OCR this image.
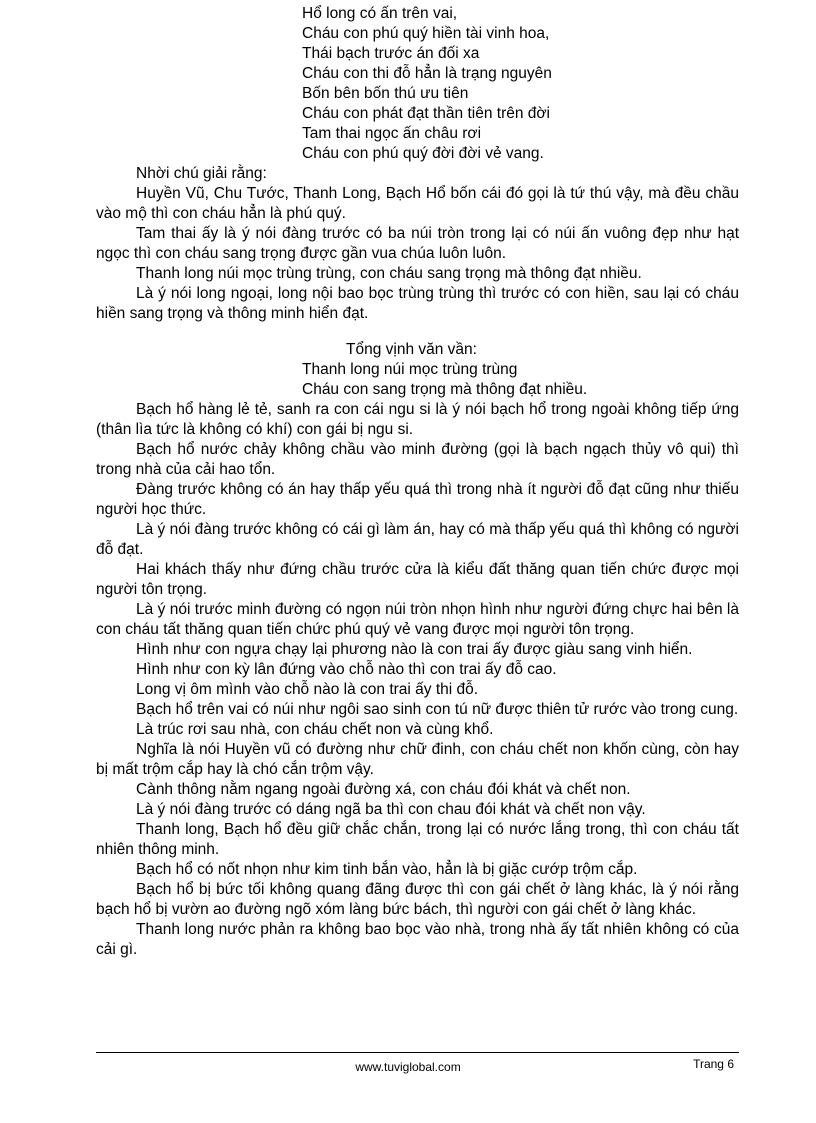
Hổ long có ấn trên vai,
Cháu con phú quý hiền tài vinh hoa,
Thái bạch trước án đối xa
Cháu con thi đỗ hẳn là trạng nguyên
Bốn bên bốn thú ưu tiên
Cháu con phát đạt thần tiên trên đời
Tam thai ngọc ấn châu rơi
Cháu con phú quý đời đời vẻ vang.

Nhời chú giải rằng:

Huyền Vũ, Chu Tước, Thanh Long, Bạch Hổ bốn cái đó gọi là tứ thú vậy, mà đều chầu vào mộ thì con cháu hẳn là phú quý.

Tam thai ấy là ý nói đàng trước có ba núi tròn trong lại có núi ấn vuông đẹp như hạt ngọc thì con cháu sang trọng được gần vua chúa luôn luôn.

Thanh long núi mọc trùng trùng, con cháu sang trọng mà thông đạt nhiều.

Là ý nói long ngoại, long nội bao bọc trùng trùng thì trước có con hiền, sau lại có cháu hiền sang trọng và thông minh hiển đạt.

Tổng vịnh văn vần:

Thanh long núi mọc trùng trùng
Cháu con sang trọng mà thông đạt nhiều.

Bạch hổ hàng lẻ tẻ, sanh ra con cái ngu si là ý nói bạch hổ trong ngoài không tiếp ứng (thân lìa tức là không có khí) con gái bị ngu si.

Bạch hổ nước chảy không chầu vào minh đường (gọi là bạch ngạch thủy vô qui) thì trong nhà của cải hao tổn.

Đàng trước không có án hay thấp yếu quá thì trong nhà ít người đỗ đạt cũng như thiếu người học thức.

Là ý nói đàng trước không có cái gì làm án, hay có mà thấp yếu quá thì không có người đỗ đạt.

Hai khách thấy như đứng chầu trước cửa là kiểu đất thăng quan tiến chức được mọi người tôn trọng.

Là ý nói trước minh đường có ngọn núi tròn nhọn hình như người đứng chực hai bên là con cháu tất thăng quan tiến chức phú quý vẻ vang được mọi người tôn trọng.

Hình như con ngựa chạy lại phương nào là con trai ấy được giàu sang vinh hiển.

Hình như con kỳ lân đứng vào chỗ nào thì con trai ấy đỗ cao.

Long vị ôm mình vào chỗ nào là con trai ấy thi đỗ.

Bạch hổ trên vai có núi như ngôi sao sinh con tú nữ được thiên tử rước vào trong cung.

Là trúc rơi sau nhà, con cháu chết non và cùng khổ.

Nghĩa là nói Huyền vũ có đường như chữ đinh, con cháu chết non khốn cùng, còn hay bị mất trộm cắp hay là chó cắn trộm vậy.

Cành thông nằm ngang ngoài đường xá, con cháu đói khát và chết non.

Là ý nói đàng trước có dáng ngã ba thì con chau đói khát và chết non vậy.

Thanh long, Bạch hổ đều giữ chắc chắn, trong lại có nước lắng trong, thì con cháu tất nhiên thông minh.

Bạch hổ có nốt nhọn như kim tinh bắn vào, hẳn là bị giặc cướp trộm cắp.

Bạch hổ bị bức tối không quang đãng được thì con gái chết ở làng khác, là ý nói rằng bạch hổ bị vườn ao đường ngõ xóm làng bức bách, thì người con gái chết ở làng khác.

Thanh long nước phản ra không bao bọc vào nhà, trong nhà ấy tất nhiên không có của cải gì.

www.tuviglobal.com	Trang 6
